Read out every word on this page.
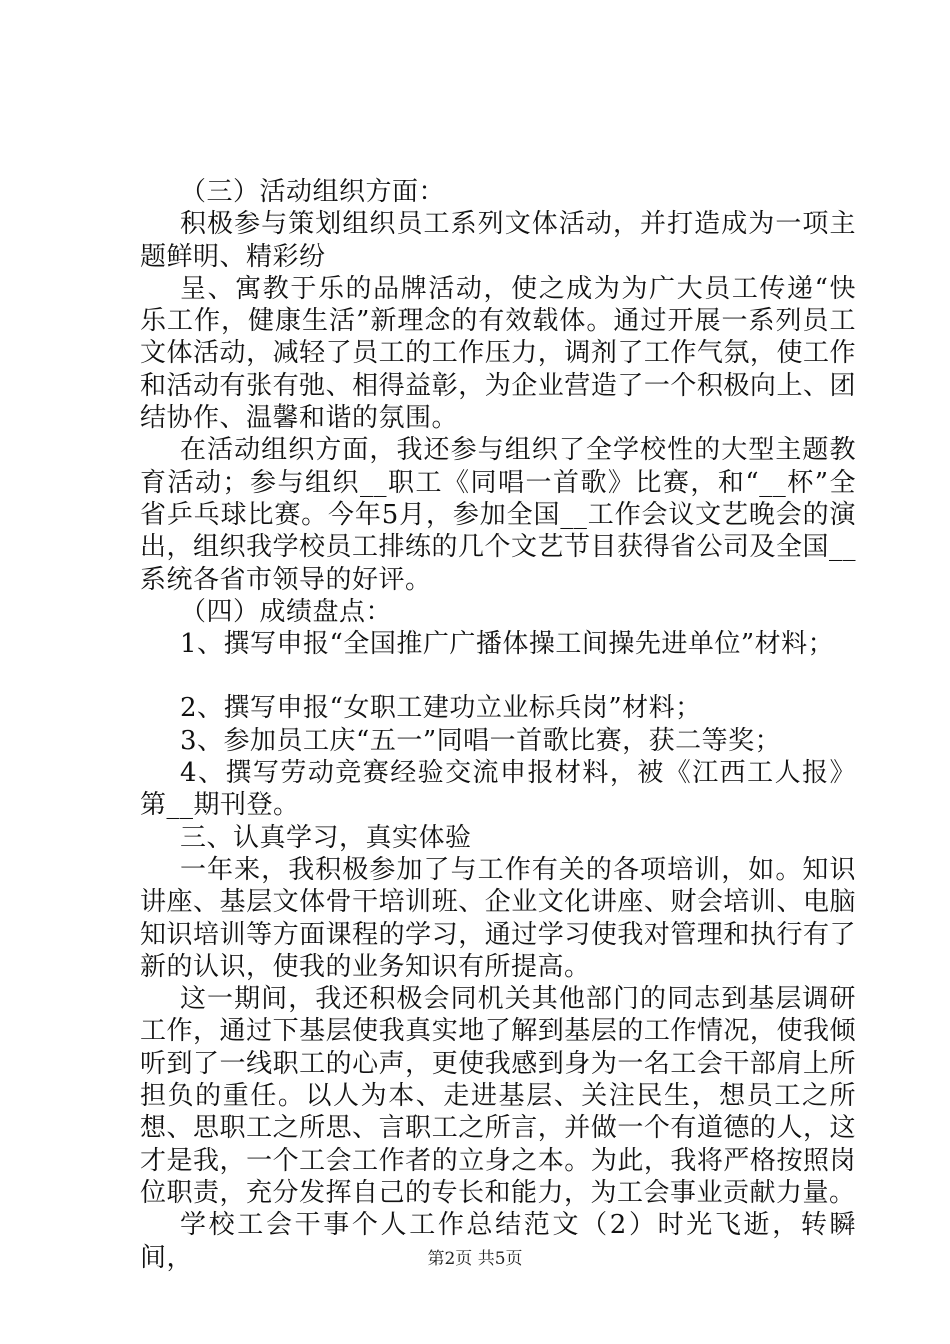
（三）活动组织方面：

积极参与策划组织员工系列文体活动，并打造成为一项主题鲜明、精彩纷

呈、寓教于乐的品牌活动，使之成为为广大员工传递“快乐工作，健康生活”新理念的有效载体。通过开展一系列员工文体活动，减轻了员工的工作压力，调剂了工作气氛，使工作和活动有张有弛、相得益彰，为企业营造了一个积极向上、团结协作、温馨和谐的氛围。

在活动组织方面，我还参与组织了全学校性的大型主题教育活动；参与组织__职工《同唱一首歌》比赛，和“__杯”全省乒乓球比赛。今年5月，参加全国__工作会议文艺晚会的演出，组织我学校员工排练的几个文艺节目获得省公司及全国__系统各省市领导的好评。

（四）成绩盘点：

1、撰写申报“全国推广广播体操工间操先进单位”材料；

2、撰写申报“女职工建功立业标兵岗”材料；

3、参加员工庆“五一”同唱一首歌比赛，获二等奖；

4、撰写劳动竞赛经验交流申报材料，被《江西工人报》第__期刊登。

三、认真学习，真实体验

一年来，我积极参加了与工作有关的各项培训，如。知识讲座、基层文体骨干培训班、企业文化讲座、财会培训、电脑知识培训等方面课程的学习，通过学习使我对管理和执行有了新的认识，使我的业务知识有所提高。

这一期间，我还积极会同机关其他部门的同志到基层调研工作，通过下基层使我真实地了解到基层的工作情况，使我倾听到了一线职工的心声，更使我感到身为一名工会干部肩上所担负的重任。以人为本、走进基层、关注民生，想员工之所想、思职工之所思、言职工之所言，并做一个有道德的人，这才是我，一个工会工作者的立身之本。为此，我将严格按照岗位职责，充分发挥自己的专长和能力，为工会事业贡献力量。

学校工会干事个人工作总结范文（2）时光飞逝，转瞬间，	第2页 共5页
